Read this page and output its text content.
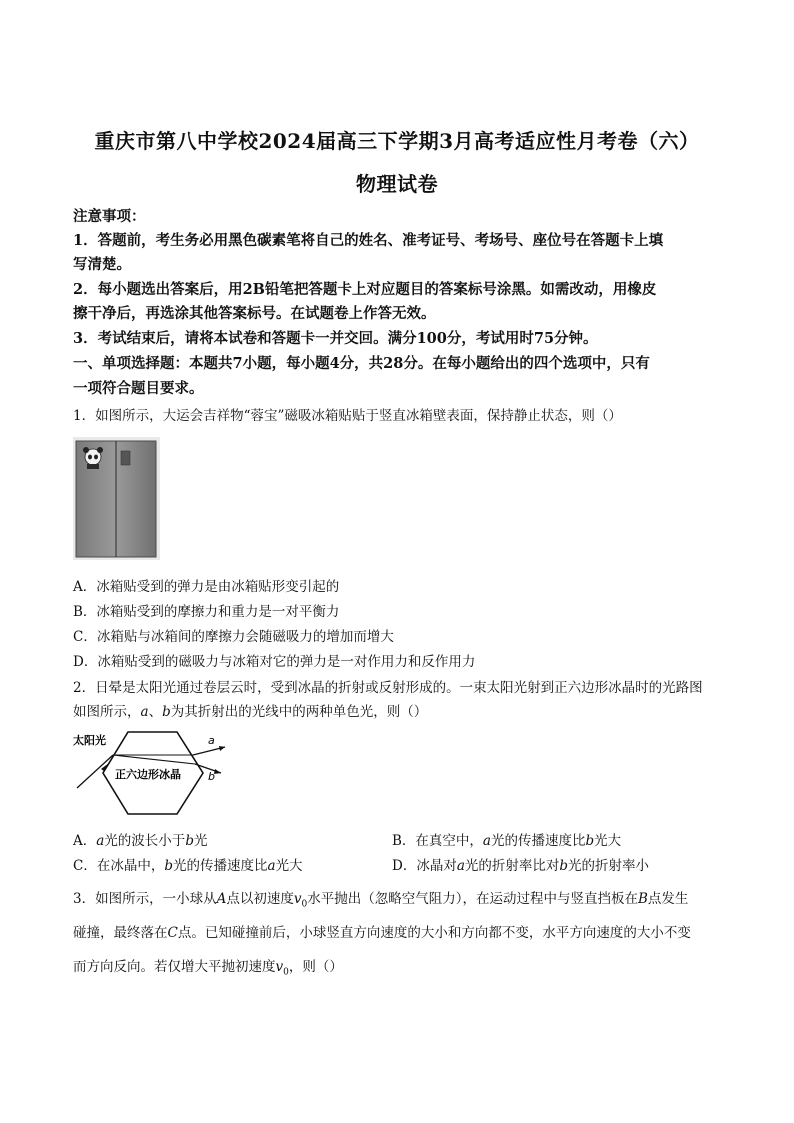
重庆市第八中学校2024届高三下学期3月高考适应性月考卷（六）
物理试卷
注意事项：
1．答题前，考生务必用黑色碳素笔将自己的姓名、准考证号、考场号、座位号在答题卡上填
写清楚。
2．每小题选出答案后，用2B铅笔把答题卡上对应题目的答案标号涂黑。如需改动，用橡皮
擦干净后，再选涂其他答案标号。在试题卷上作答无效。
3．考试结束后，请将本试卷和答题卡一并交回。满分100分，考试用时75分钟。
一、单项选择题：本题共7小题，每小题4分，共28分。在每小题给出的四个选项中，只有
一项符合题目要求。
1．如图所示，大运会吉祥物“蓉宝”磁吸冰箱贴贴于竖直冰箱壁表面，保持静止状态，则（）
A．冰箱贴受到的弹力是由冰箱贴形变引起的
B．冰箱贴受到的摩擦力和重力是一对平衡力
C．冰箱贴与冰箱间的摩擦力会随磁吸力的增加而增大
D．冰箱贴受到的磁吸力与冰箱对它的弹力是一对作用力和反作用力
2．日晕是太阳光通过卷层云时，受到冰晶的折射或反射形成的。一束太阳光射到正六边形冰晶时的光路图
如图所示，a、b为其折射出的光线中的两种单色光，则（）
太阳光	a
b
正六边形冰晶
A．a光的波长小于b光	B．在真空中，a光的传播速度比b光大
C．在冰晶中，b光的传播速度比a光大	D．冰晶对a光的折射率比对b光的折射率小
3．如图所示，一小球从A点以初速度$v_0$水平抛出（忽略空气阻力），在运动过程中与竖直挡板在B点发生
碰撞，最终落在C点。已知碰撞前后，小球竖直方向速度的大小和方向都不变，水平方向速度的大小不变
而方向反向。若仅增大平抛初速度$v_0$，则（）
